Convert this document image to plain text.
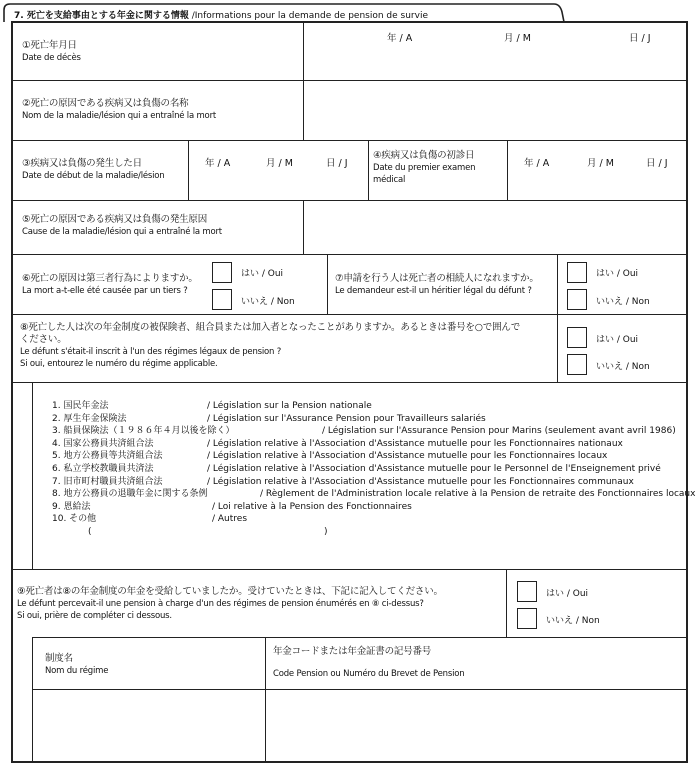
7. 死亡を支給事由とする年金に関する情報 /Informations pour la demande de pension de survie
①死亡年月日
Date de décès
年 / A	月 / M	日 / J
②死亡の原因である疾病又は負傷の名称
Nom de la maladie/lésion qui a entraîné la mort
③疾病又は負傷の発生した日
Date de début de la maladie/lésion
年 / A	月 / M	日 / J
④疾病又は負傷の初診日
Date du premier examen médical
年 / A	月 / M	日 / J
⑤死亡の原因である疾病又は負傷の発生原因
Cause de la maladie/lésion qui a entraîné la mort
⑥死亡の原因は第三者行為によりますか。
La mort a-t-elle été causée par un tiers ?
はい / Oui
いいえ / Non
⑦申請を行う人は死亡者の相続人になれますか。
Le demandeur est-il un héritier légal du défunt ?
はい / Oui
いいえ / Non
⑧死亡した人は次の年金制度の被保険者、組合員または加入者となったことがありますか。あるときは番号を○で囲んで
ください。
Le défunt s'était-il inscrit à l'un des régimes légaux de pension ?
Si oui, entourez le numéro du régime applicable.
はい / Oui
いいえ / Non
1. 国民年金法	/ Législation sur la Pension nationale
2. 厚生年金保険法	/ Législation sur l'Assurance Pension pour Travailleurs salariés
3. 船員保険法（１９８６年４月以後を除く）	/ Législation sur l'Assurance Pension pour Marins (seulement avant avril 1986)
4. 国家公務員共済組合法	/ Législation relative à l'Association d'Assistance mutuelle pour les Fonctionnaires nationaux
5. 地方公務員等共済組合法	/ Législation relative à l'Association d'Assistance mutuelle pour les Fonctionnaires locaux
6. 私立学校教職員共済法	/ Législation relative à l'Association d'Assistance mutuelle pour le Personnel de l'Enseignement privé
7. 旧市町村職員共済組合法	/ Législation relative à l'Association d'Assistance mutuelle pour les Fonctionnaires communaux
8. 地方公務員の退職年金に関する条例	/ Règlement de l'Administration locale relative à la Pension de retraite des Fonctionnaires locaux
9. 恩給法	/ Loi relative à la Pension des Fonctionnaires
10. その他	/ Autres
(	)
⑨死亡者は⑧の年金制度の年金を受給していましたか。受けていたときは、下記に記入してください。
Le défunt percevait-il une pension à charge d'un des régimes de pension énumérés en ⑧ ci-dessus?
Si oui, prière de compléter ci dessous.
はい / Oui
いいえ / Non
制度名
Nom du régime
年金コードまたは年金証書の記号番号
Code Pension ou Numéro du Brevet de Pension
